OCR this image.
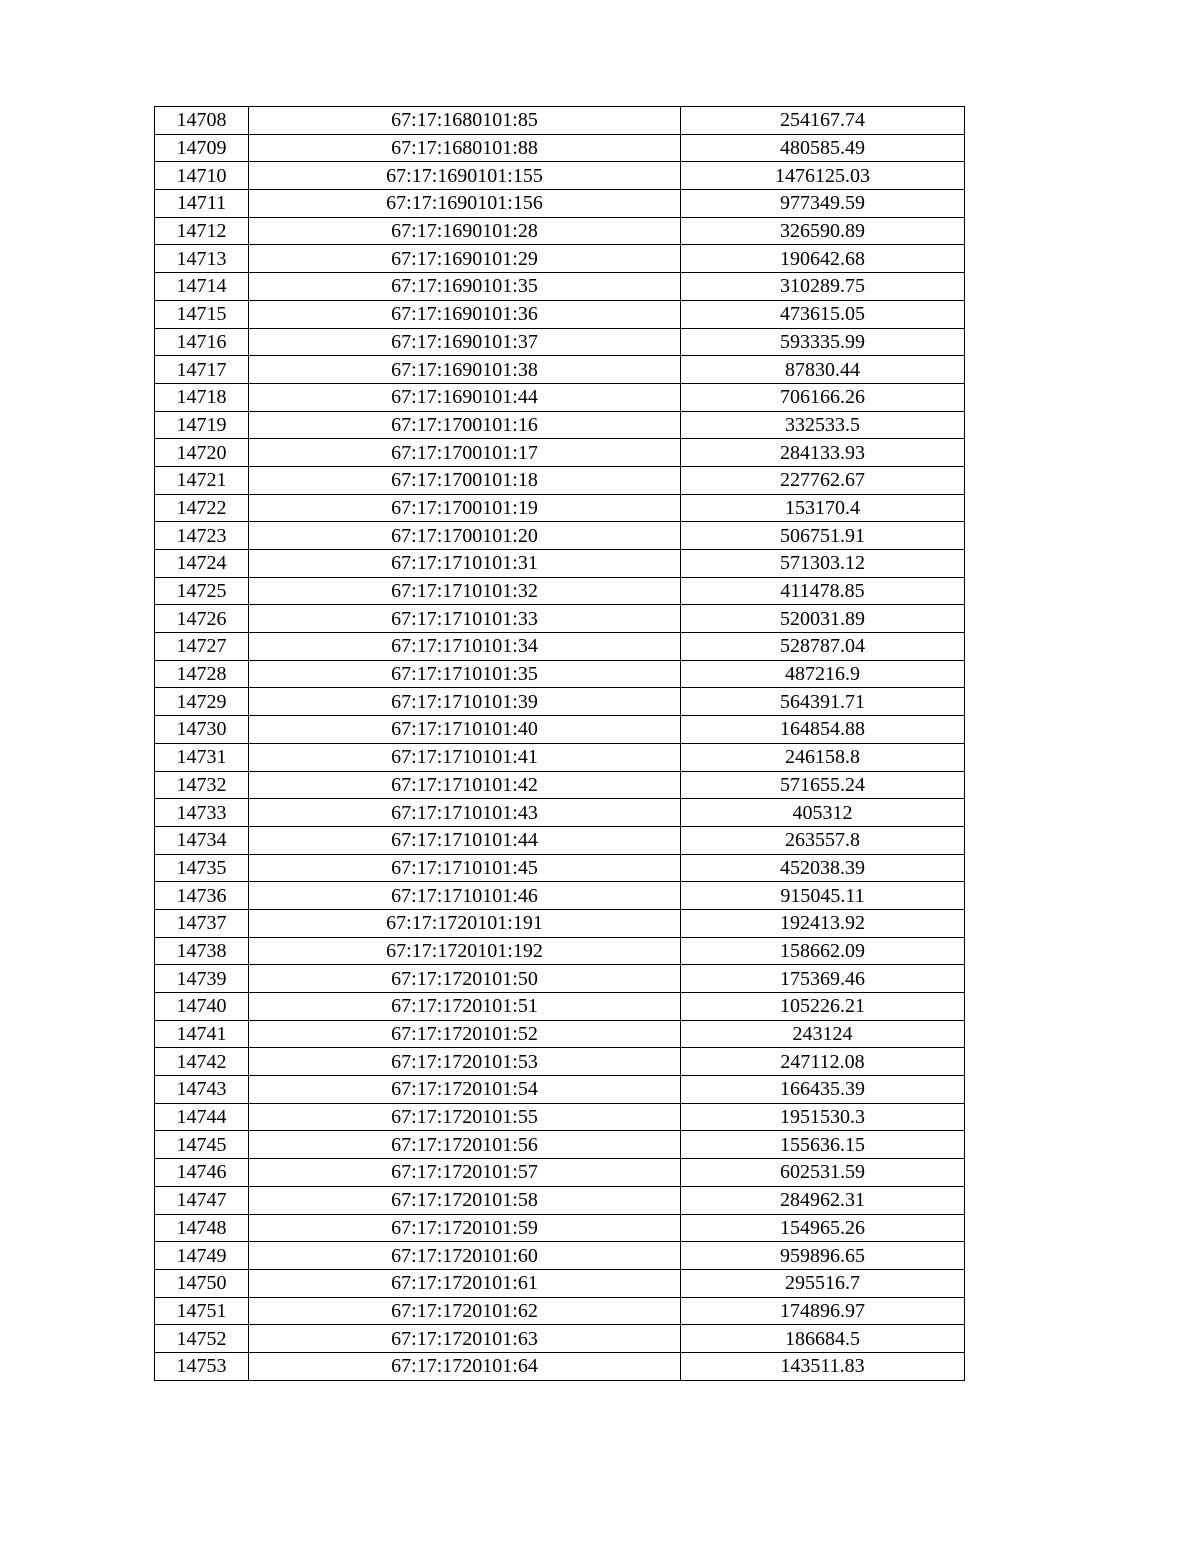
14708	67:17:1680101:85	254167.74
14709	67:17:1680101:88	480585.49
14710	67:17:1690101:155	1476125.03
14711	67:17:1690101:156	977349.59
14712	67:17:1690101:28	326590.89
14713	67:17:1690101:29	190642.68
14714	67:17:1690101:35	310289.75
14715	67:17:1690101:36	473615.05
14716	67:17:1690101:37	593335.99
14717	67:17:1690101:38	87830.44
14718	67:17:1690101:44	706166.26
14719	67:17:1700101:16	332533.5
14720	67:17:1700101:17	284133.93
14721	67:17:1700101:18	227762.67
14722	67:17:1700101:19	153170.4
14723	67:17:1700101:20	506751.91
14724	67:17:1710101:31	571303.12
14725	67:17:1710101:32	411478.85
14726	67:17:1710101:33	520031.89
14727	67:17:1710101:34	528787.04
14728	67:17:1710101:35	487216.9
14729	67:17:1710101:39	564391.71
14730	67:17:1710101:40	164854.88
14731	67:17:1710101:41	246158.8
14732	67:17:1710101:42	571655.24
14733	67:17:1710101:43	405312
14734	67:17:1710101:44	263557.8
14735	67:17:1710101:45	452038.39
14736	67:17:1710101:46	915045.11
14737	67:17:1720101:191	192413.92
14738	67:17:1720101:192	158662.09
14739	67:17:1720101:50	175369.46
14740	67:17:1720101:51	105226.21
14741	67:17:1720101:52	243124
14742	67:17:1720101:53	247112.08
14743	67:17:1720101:54	166435.39
14744	67:17:1720101:55	1951530.3
14745	67:17:1720101:56	155636.15
14746	67:17:1720101:57	602531.59
14747	67:17:1720101:58	284962.31
14748	67:17:1720101:59	154965.26
14749	67:17:1720101:60	959896.65
14750	67:17:1720101:61	295516.7
14751	67:17:1720101:62	174896.97
14752	67:17:1720101:63	186684.5
14753	67:17:1720101:64	143511.83
